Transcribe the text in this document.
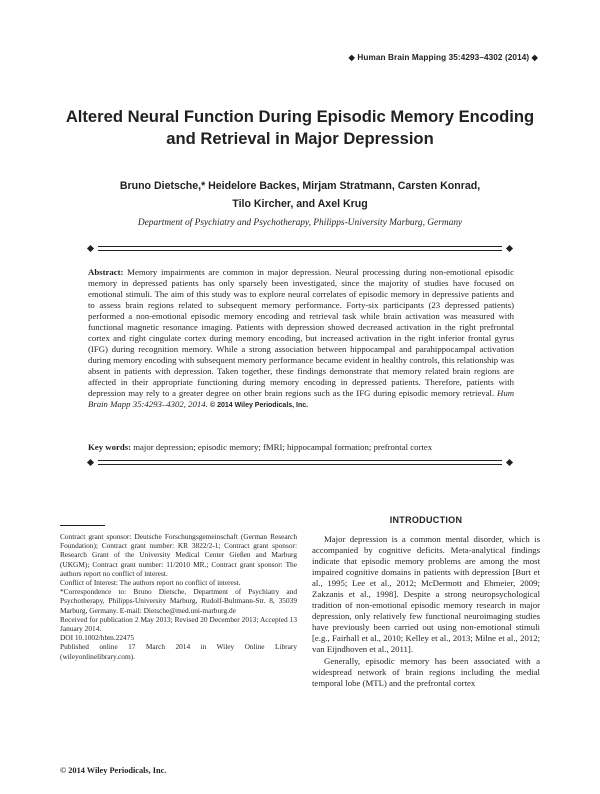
◆ Human Brain Mapping 35:4293–4302 (2014) ◆
Altered Neural Function During Episodic Memory Encoding and Retrieval in Major Depression
Bruno Dietsche,* Heidelore Backes, Mirjam Stratmann, Carsten Konrad,
Tilo Kircher, and Axel Krug
Department of Psychiatry and Psychotherapy, Philipps-University Marburg, Germany
Abstract: Memory impairments are common in major depression. Neural processing during non-emotional episodic memory in depressed patients has only sparsely been investigated, since the majority of studies have focused on emotional stimuli. The aim of this study was to explore neural correlates of episodic memory in depressive patients and to assess brain regions related to subsequent memory performance. Forty-six participants (23 depressed patients) performed a non-emotional episodic memory encoding and retrieval task while brain activation was measured with functional magnetic resonance imaging. Patients with depression showed decreased activation in the right prefrontal cortex and right cingulate cortex during memory encoding, but increased activation in the right inferior frontal gyrus (IFG) during recognition memory. While a strong association between hippocampal and parahippocampal activation during memory encoding with subsequent memory performance became evident in healthy controls, this relationship was absent in patients with depression. Taken together, these findings demonstrate that memory related brain regions are affected in their appropriate functioning during memory encoding in depressed patients. Therefore, patients with depression may rely to a greater degree on other brain regions such as the IFG during episodic memory retrieval. Hum Brain Mapp 35:4293–4302, 2014. © 2014 Wiley Periodicals, Inc.
Key words: major depression; episodic memory; fMRI; hippocampal formation; prefrontal cortex

Contract grant sponsor: Deutsche Forschungsgemeinschaft (German Research Foundation); Contract grant number: KR 3822/2-1; Contract grant sponsor: Research Grant of the University Medical Center Gießen and Marburg (UKGM); Contract grant number: 11/2010 MR.; Contract grant sponsor: The authors report no conflict of interest.

Conflict of Interest: The authors report no conflict of interest.

*Correspondence to: Bruno Dietsche, Department of Psychiatry and Psychotherapy, Philipps-University Marburg, Rudolf-Bultmann-Str. 8, 35039 Marburg, Germany. E-mail: Dietsche@med.uni-marburg.de

Received for publication 2 May 2013; Revised 20 December 2013; Accepted 13 January 2014.

DOI 10.1002/hbm.22475

Published online 17 March 2014 in Wiley Online Library (wileyonlinelibrary.com).

© 2014 Wiley Periodicals, Inc.
INTRODUCTION

Major depression is a common mental disorder, which is accompanied by cognitive deficits. Meta-analytical findings indicate that episodic memory problems are among the most impaired cognitive domains in patients with depression [Burt et al., 1995; Lee et al., 2012; McDermott and Ebmeier, 2009; Zakzanis et al., 1998]. Despite a strong neuropsychological tradition of non-emotional episodic memory research in major depression, only relatively few functional neuroimaging studies have previously been carried out using non-emotional stimuli [e.g., Fairhall et al., 2010; Kelley et al., 2013; Milne et al., 2012; van Eijndhoven et al., 2011].

Generally, episodic memory has been associated with a widespread network of brain regions including the medial temporal lobe (MTL) and the prefrontal cortex
